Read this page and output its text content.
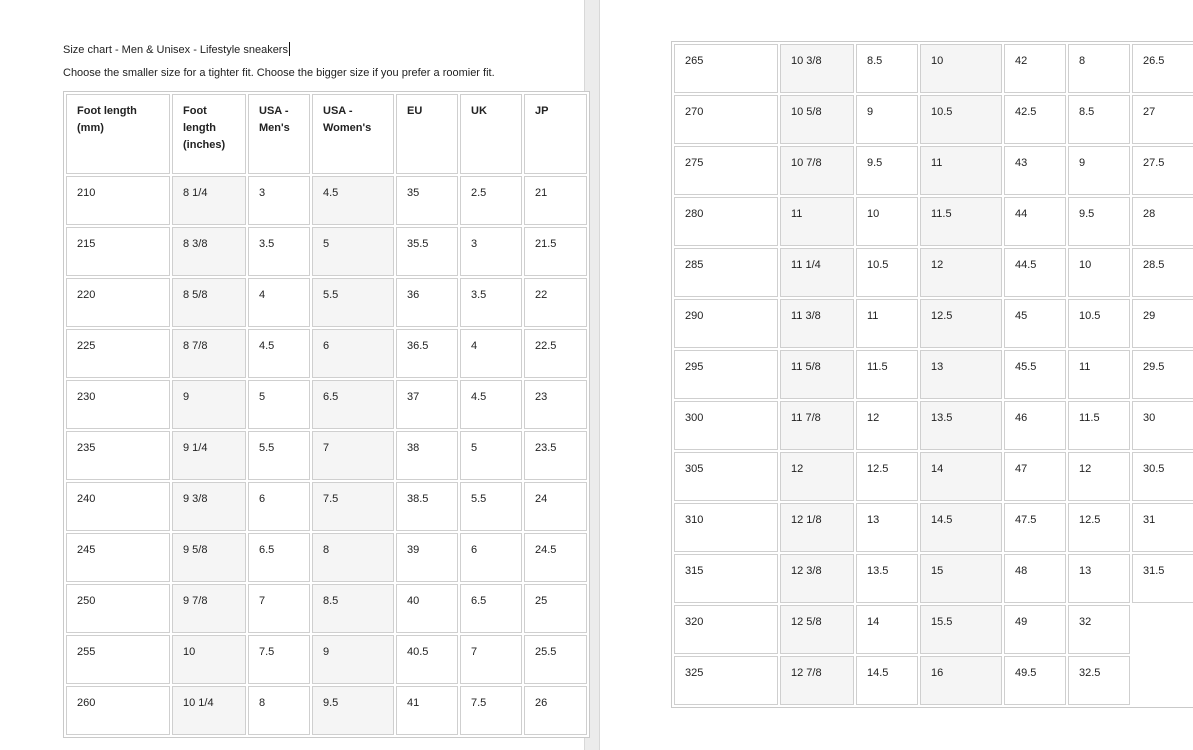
Size chart - Men & Unisex - Lifestyle sneakers
Choose the smaller size for a tighter fit. Choose the bigger size if you prefer a roomier fit.
Foot length (mm)	Foot length (inches)	USA - Men's	USA - Women's	EU	UK	JP
210	8 1/4	3	4.5	35	2.5	21
215	8 3/8	3.5	5	35.5	3	21.5
220	8 5/8	4	5.5	36	3.5	22
225	8 7/8	4.5	6	36.5	4	22.5
230	9	5	6.5	37	4.5	23
235	9 1/4	5.5	7	38	5	23.5
240	9 3/8	6	7.5	38.5	5.5	24
245	9 5/8	6.5	8	39	6	24.5
250	9 7/8	7	8.5	40	6.5	25
255	10	7.5	9	40.5	7	25.5
260	10 1/4	8	9.5	41	7.5	26
265	10 3/8	8.5	10	42	8	26.5
270	10 5/8	9	10.5	42.5	8.5	27
275	10 7/8	9.5	11	43	9	27.5
280	11	10	11.5	44	9.5	28
285	11 1/4	10.5	12	44.5	10	28.5
290	11 3/8	11	12.5	45	10.5	29
295	11 5/8	11.5	13	45.5	11	29.5
300	11 7/8	12	13.5	46	11.5	30
305	12	12.5	14	47	12	30.5
310	12 1/8	13	14.5	47.5	12.5	31
315	12 3/8	13.5	15	48	13	31.5
320	12 5/8	14	15.5	49	32	
325	12 7/8	14.5	16	49.5	32.5	
